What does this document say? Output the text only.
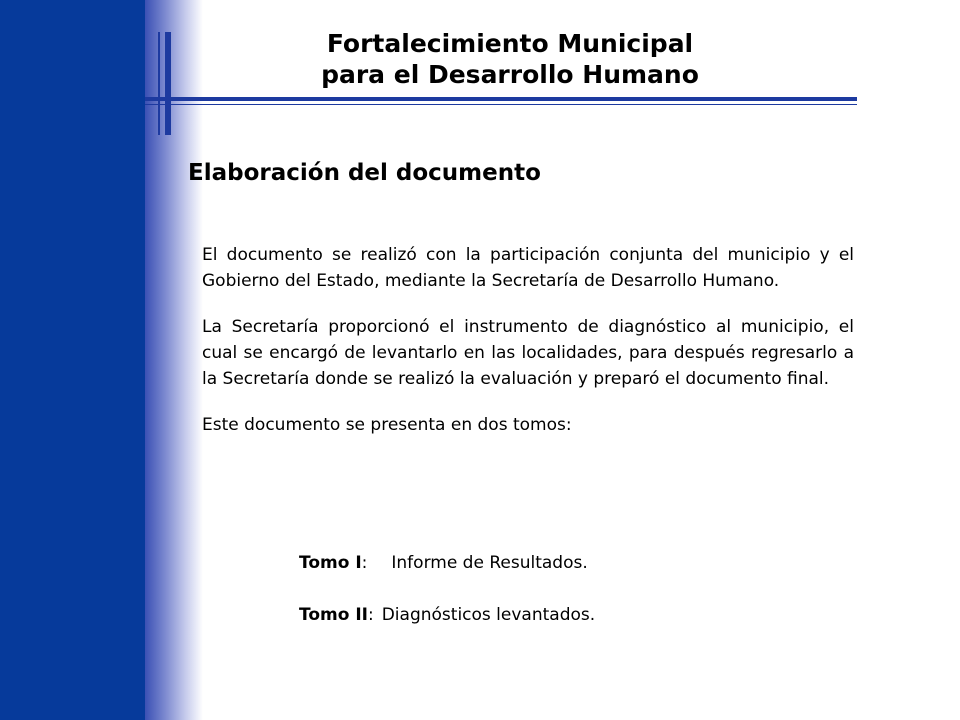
Fortalecimiento Municipal
para el Desarrollo Humano
Elaboración del documento

El documento se realizó con la participación conjunta del municipio y el Gobierno del Estado, mediante la Secretaría de Desarrollo Humano.

La Secretaría proporcionó el instrumento de diagnóstico al municipio, el cual se encargó de levantarlo en las localidades, para después regresarlo a la Secretaría donde se realizó la evaluación y preparó el documento final.

Este documento se presenta en dos tomos:

Tomo I: Informe de Resultados.
Tomo II: Diagnósticos levantados.
